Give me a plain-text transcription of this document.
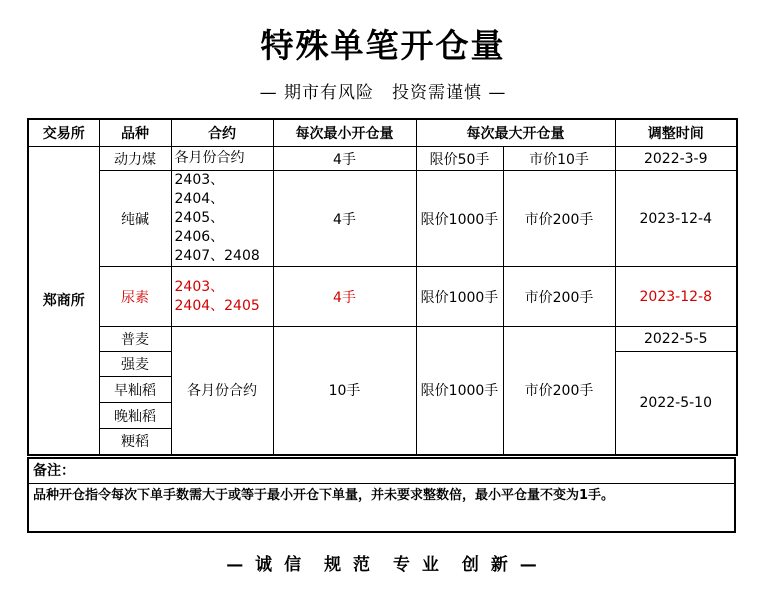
特殊单笔开仓量
— 期市有风险　投资需谨慎 —
交易所	品种	合约	每次最小开仓量	每次最大开仓量		调整时间
郑商所	动力煤	各月份合约	4手	限价50手	市价10手	2022-3-9
	纯碱	2403、2404、2405、2406、2407、2408	4手	限价1000手	市价200手	2023-12-4
	尿素	2403、2404、2405	4手	限价1000手	市价200手	2023-12-8
	普麦	各月份合约	10手	限价1000手	市价200手	2022-5-5
	强麦					2022-5-10
	早籼稻					
	晚籼稻					
	粳稻					
备注：
品种开仓指令每次下单手数需大于或等于最小开仓下单量，并未要求整数倍，最小平仓量不变为1手。
— 诚 信　规 范　专 业　创 新 —
